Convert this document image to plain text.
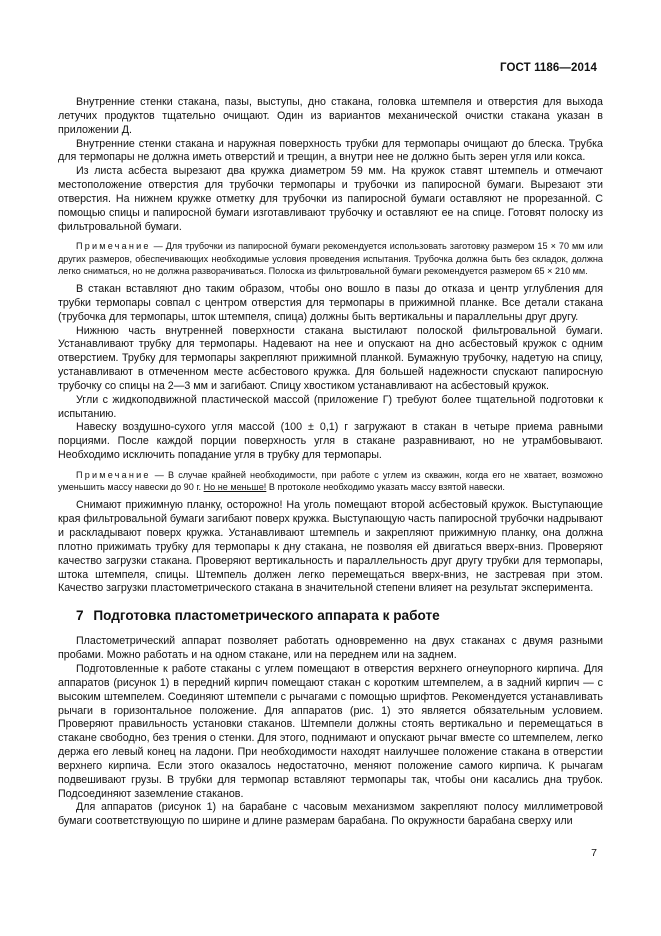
ГОСТ 1186—2014

Внутренние стенки стакана, пазы, выступы, дно стакана, головка штемпеля и отверстия для выхода летучих продуктов тщательно очищают. Один из вариантов механической очистки стакана указан в приложении Д.

Внутренние стенки стакана и наружная поверхность трубки для термопары очищают до блеска. Трубка для термопары не должна иметь отверстий и трещин, а внутри нее не должно быть зерен угля или кокса.

Из листа асбеста вырезают два кружка диаметром 59 мм. На кружок ставят штемпель и отмечают местоположение отверстия для трубочки термопары и трубочки из папиросной бумаги. Вырезают эти отверстия. На нижнем кружке отметку для трубочки из папиросной бумаги оставляют не прорезанной. С помощью спицы и папиросной бумаги изготавливают трубочку и оставляют ее на спице. Готовят полоску из фильтровальной бумаги.

Примечание — Для трубочки из папиросной бумаги рекомендуется использовать заготовку размером 15 × 70 мм или других размеров, обеспечивающих необходимые условия проведения испытания. Трубочка должна быть без складок, должна легко сниматься, но не должна разворачиваться. Полоска из фильтровальной бумаги рекомендуется размером 65 × 210 мм.

В стакан вставляют дно таким образом, чтобы оно вошло в пазы до отказа и центр углубления для трубки термопары совпал с центром отверстия для термопары в прижимной планке. Все детали стакана (трубочка для термопары, шток штемпеля, спица) должны быть вертикальны и параллельны друг другу.

Нижнюю часть внутренней поверхности стакана выстилают полоской фильтровальной бумаги. Устанавливают трубку для термопары. Надевают на нее и опускают на дно асбестовый кружок с одним отверстием. Трубку для термопары закрепляют прижимной планкой. Бумажную трубочку, надетую на спицу, устанавливают в отмеченном месте асбестового кружка. Для большей надежности спускают папиросную трубочку со спицы на 2—3 мм и загибают. Спицу хвостиком устанавливают на асбестовый кружок.

Угли с жидкоподвижной пластической массой (приложение Г) требуют более тщательной подготовки к испытанию.

Навеску воздушно-сухого угля массой (100 ± 0,1) г загружают в стакан в четыре приема равными порциями. После каждой порции поверхность угля в стакане разравнивают, но не утрамбовывают. Необходимо исключить попадание угля в трубку для термопары.

Примечание — В случае крайней необходимости, при работе с углем из скважин, когда его не хватает, возможно уменьшить массу навески до 90 г. Но не меньше! В протоколе необходимо указать массу взятой навески.

Снимают прижимную планку, осторожно! На уголь помещают второй асбестовый кружок. Выступающие края фильтровальной бумаги загибают поверх кружка. Выступающую часть папиросной трубочки надрывают и раскладывают поверх кружка. Устанавливают штемпель и закрепляют прижимную планку, она должна плотно прижимать трубку для термопары к дну стакана, не позволяя ей двигаться вверх-вниз. Проверяют качество загрузки стакана. Проверяют вертикальность и параллельность друг другу трубки для термопары, штока штемпеля, спицы. Штемпель должен легко перемещаться вверх-вниз, не застревая при этом. Качество загрузки пластометрического стакана в значительной степени влияет на результат эксперимента.

7 Подготовка пластометрического аппарата к работе

Пластометрический аппарат позволяет работать одновременно на двух стаканах с двумя разными пробами. Можно работать и на одном стакане, или на переднем или на заднем.

Подготовленные к работе стаканы с углем помещают в отверстия верхнего огнеупорного кирпича. Для аппаратов (рисунок 1) в передний кирпич помещают стакан с коротким штемпелем, а в задний кирпич — с высоким штемпелем. Соединяют штемпели с рычагами с помощью шрифтов. Рекомендуется устанавливать рычаги в горизонтальное положение. Для аппаратов (рис. 1) это является обязательным условием. Проверяют правильность установки стаканов. Штемпели должны стоять вертикально и перемещаться в стакане свободно, без трения о стенки. Для этого, поднимают и опускают рычаг вместе со штемпелем, легко держа его левый конец на ладони. При необходимости находят наилучшее положение стакана в отверстии верхнего кирпича. Если этого оказалось недостаточно, меняют положение самого кирпича. К рычагам подвешивают грузы. В трубки для термопар вставляют термопары так, чтобы они касались дна трубок. Подсоединяют заземление стаканов.

Для аппаратов (рисунок 1) на барабане с часовым механизмом закрепляют полосу миллиметровой бумаги соответствующую по ширине и длине размерам барабана. По окружности барабана сверху или

7
